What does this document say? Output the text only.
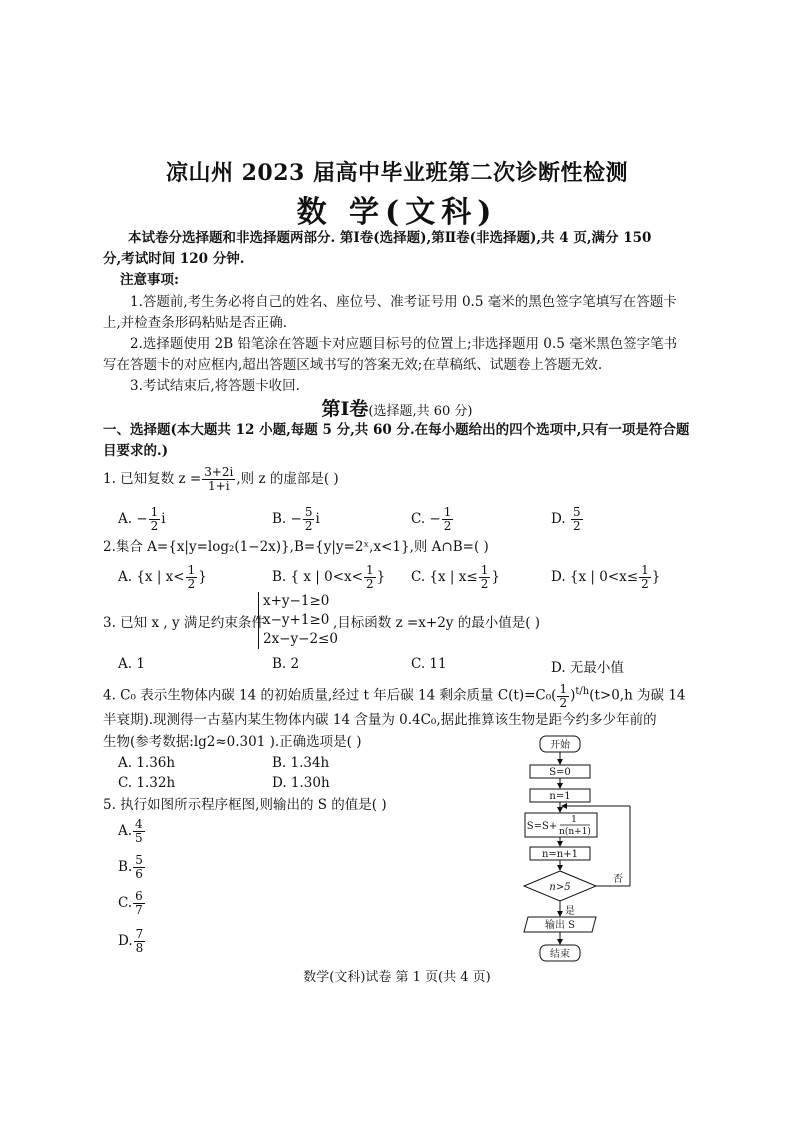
凉山州 2023 届高中毕业班第二次诊断性检测
数 学(文科)
本试卷分选择题和非选择题两部分. 第Ⅰ卷(选择题),第Ⅱ卷(非选择题),共 4 页,满分 150
分,考试时间 120 分钟.
注意事项:
1.答题前,考生务必将自己的姓名、座位号、准考证号用 0.5 毫米的黑色签字笔填写在答题卡
上,并检查条形码粘贴是否正确.
2.选择题使用 2B 铅笔涂在答题卡对应题目标号的位置上;非选择题用 0.5 毫米黑色签字笔书
写在答题卡的对应框内,超出答题区域书写的答案无效;在草稿纸、试题卷上答题无效.
3.考试结束后,将答题卡收回.
第Ⅰ卷(选择题,共 60 分)
一、选择题(本大题共 12 小题,每题 5 分,共 60 分.在每小题给出的四个选项中,只有一项是符合题
目要求的.)
1. 已知复数 $z = \frac{3+2i}{1+i}$ ,则 z 的虚部是( )
A. − $\frac{1}{2}$ i	B. − $\frac{5}{2}$ i	C. − $\frac{1}{2}$	D. $\frac{5}{2}$
2.集合 A={x|y=log₂(1−2x)},B={y|y=2ˣ,x<1},则 A∩B=( )
A. {x | $x< \frac{1}{2}$ }	B. { x | $0<x< \frac{1}{2}$ } C. {x | $x\le \frac{1}{2}$ }	D. {x | $0<x\le \frac{1}{2}$ }
3. 已知 x , y 满足约束条件
x+y−1≥0
x−y+1≥0
2x−y−2≤0
,目标函数 z =x+2y 的最小值是( )
A. 1	B. 2	C. 11	D. 无最小值
4. C₀ 表示生物体内碳 14 的初始质量,经过 t 年后碳 14 剩余质量 $C(t)=C_0( \frac{1}{2} )^{t/h}(t>0,h$ 为碳 14
半衰期).现测得一古墓内某生物体内碳 14 含量为 0.4C₀,据此推算该生物是距今约多少年前的
生物(参考数据:lg2≈0.301 ).正确选项是( )
A. 1.36h	B. 1.34h
C. 1.32h	D. 1.30h
5. 执行如图所示程序框图,则输出的 S 的值是( )
A. $\frac{4}{5}$
B. $\frac{5}{6}$
C. $\frac{6}{7}$
D. $\frac{7}{8}$
开始
S=0
n=1
S=S+
1
n(n+1)
n=n+1
n>5
否
是
输出 S
结束
数学(文科)试卷 第 1 页(共 4 页)
